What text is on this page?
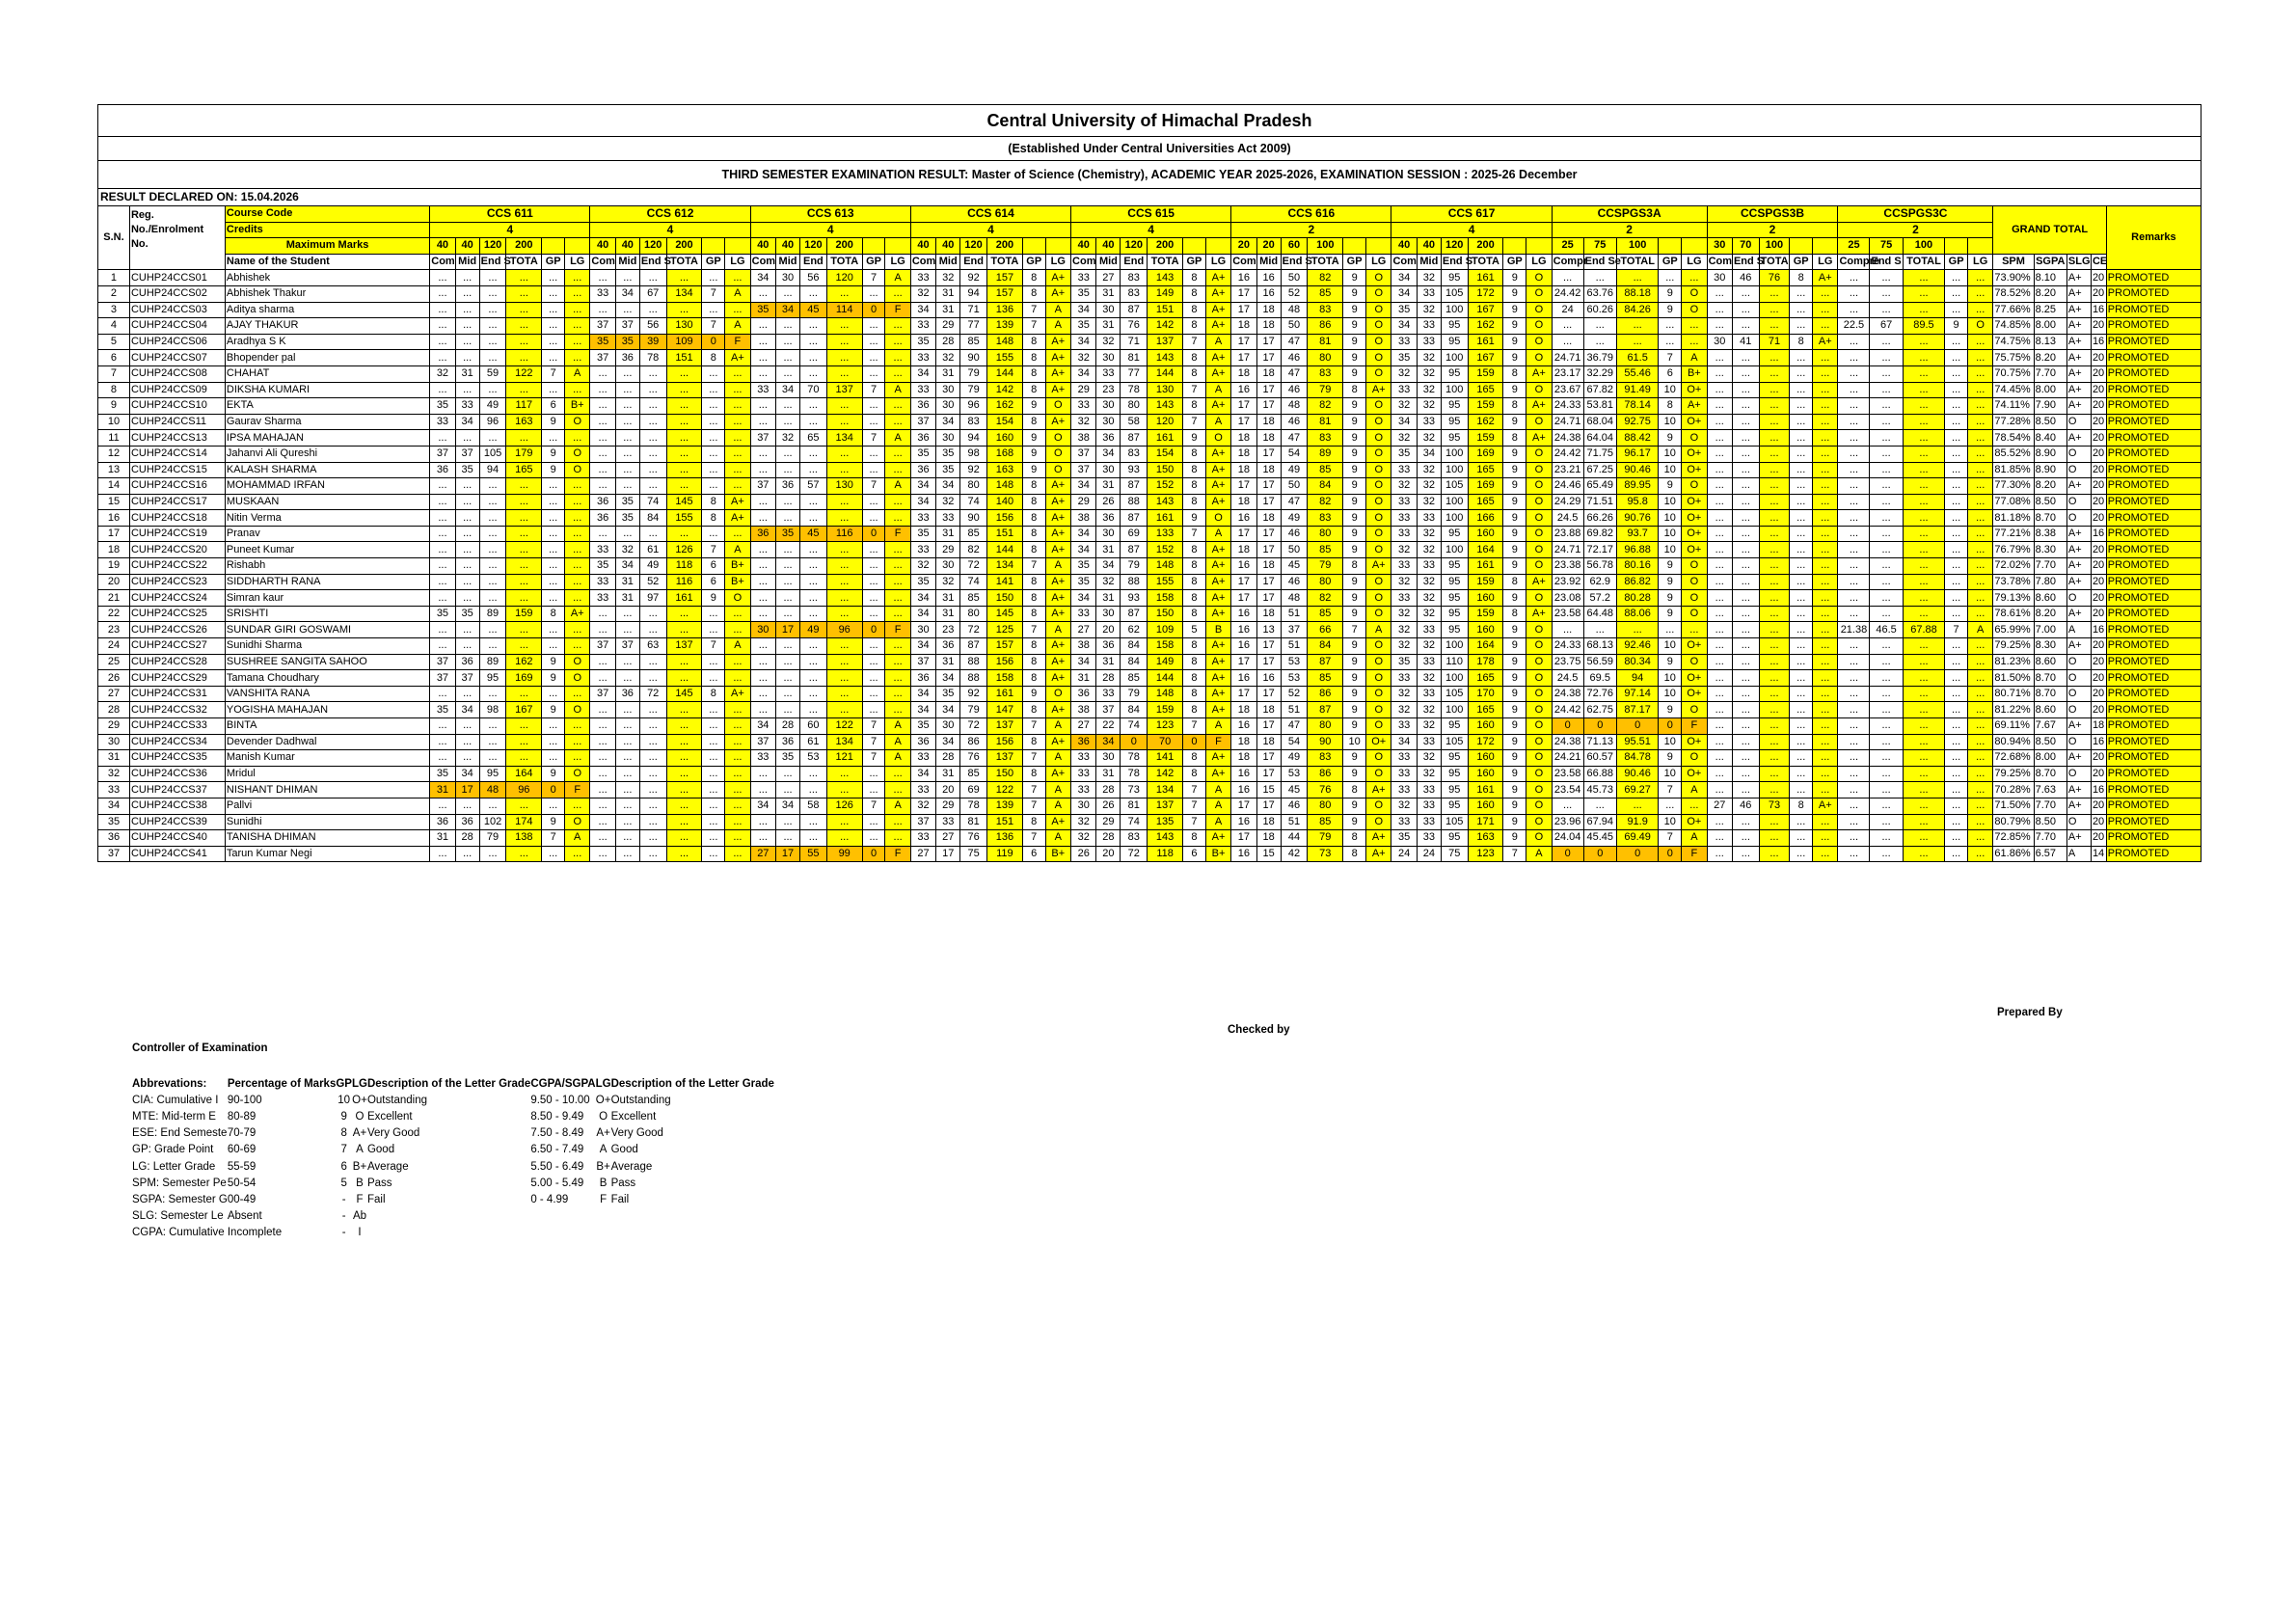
Central University of Himachal Pradesh
(Established Under Central Universities Act 2009)
THIRD SEMESTER EXAMINATION RESULT: Master of Science (Chemistry), ACADEMIC YEAR 2025-2026, EXAMINATION SESSION : 2025-26 December
RESULT DECLARED ON: 15.04.2026
S.N.	Reg. No./Enrolment No.	Course Code	CCS 611	CCS 612	CCS 613	CCS 614	CCS 615	CCS 616	CCS 617	CCSPGS3A	CCSPGS3B	CCSPGS3C	GRAND TOTAL	Remarks
Credits	4	4	4	4	4	2	4	2	2	2
Maximum Marks	40	40	120	200			40	40	120	200			40	40	120	200			40	40	120	200			40	40	120	200			20	20	60	100			40	40	120	200			25	75	100			30	70	100			25	75	100		
	Name of the Student	Com	Mid	End S	TOTA	GP	LG	Com	Mid	End S	TOTA	GP	LG	Com	Mid	End	TOTA	GP	LG	Com	Mid	End	TOTA	GP	LG	Com	Mid	End	TOTA	GP	LG	Com	Mid	End S	TOTA	GP	LG	Com	Mid	End S	TOTA	GP	LG	Compr	End Se	TOTAL	GP	LG	Com	End S	TOTA	GP	LG	Compre	End S	TOTAL	GP	LG	SPM	SGPA	SLG	CE
1	CUHP24CCS01	Abhishek	...	...	...	...	...	...	...	...	...	...	...	...	34	30	56	120	7	A	33	32	92	157	8	A+	33	27	83	143	8	A+	16	16	50	82	9	O	34	32	95	161	9	O	...	...	...	...	...	30	46	76	8	A+	...	...	...	...	...	73.90%	8.10	A+	20	PROMOTED
2	CUHP24CCS02	Abhishek Thakur	...	...	...	...	...	...	33	34	67	134	7	A	...	...	...	...	...	...	32	31	94	157	8	A+	35	31	83	149	8	A+	17	16	52	85	9	O	34	33	105	172	9	O	24.42	63.76	88.18	9	O	...	...	...	...	...	...	...	...	...	...	78.52%	8.20	A+	20	PROMOTED
3	CUHP24CCS03	Aditya sharma	...	...	...	...	...	...	...	...	...	...	...	...	35	34	45	114	0	F	34	31	71	136	7	A	34	30	87	151	8	A+	17	18	48	83	9	O	35	32	100	167	9	O	24	60.26	84.26	9	O	...	...	...	...	...	...	...	...	...	...	77.66%	8.25	A+	16	PROMOTED
4	CUHP24CCS04	AJAY THAKUR	...	...	...	...	...	...	37	37	56	130	7	A	...	...	...	...	...	...	33	29	77	139	7	A	35	31	76	142	8	A+	18	18	50	86	9	O	34	33	95	162	9	O	...	...	...	...	...	...	...	...	...	...	22.5	67	89.5	9	O	74.85%	8.00	A+	20	PROMOTED
5	CUHP24CCS06	Aradhya S K	...	...	...	...	...	...	35	35	39	109	0	F	...	...	...	...	...	...	35	28	85	148	8	A+	34	32	71	137	7	A	17	17	47	81	9	O	33	33	95	161	9	O	...	...	...	...	...	30	41	71	8	A+	...	...	...	...	...	74.75%	8.13	A+	16	PROMOTED
6	CUHP24CCS07	Bhopender pal	...	...	...	...	...	...	37	36	78	151	8	A+	...	...	...	...	...	...	33	32	90	155	8	A+	32	30	81	143	8	A+	17	17	46	80	9	O	35	32	100	167	9	O	24.71	36.79	61.5	7	A	...	...	...	...	...	...	...	...	...	...	75.75%	8.20	A+	20	PROMOTED
7	CUHP24CCS08	CHAHAT	32	31	59	122	7	A	...	...	...	...	...	...	...	...	...	...	...	...	34	31	79	144	8	A+	34	33	77	144	8	A+	18	18	47	83	9	O	32	32	95	159	8	A+	23.17	32.29	55.46	6	B+	...	...	...	...	...	...	...	...	...	...	70.75%	7.70	A+	20	PROMOTED
8	CUHP24CCS09	DIKSHA KUMARI	...	...	...	...	...	...	...	...	...	...	...	...	33	34	70	137	7	A	33	30	79	142	8	A+	29	23	78	130	7	A	16	17	46	79	8	A+	33	32	100	165	9	O	23.67	67.82	91.49	10	O+	...	...	...	...	...	...	...	...	...	...	74.45%	8.00	A+	20	PROMOTED
9	CUHP24CCS10	EKTA	35	33	49	117	6	B+	...	...	...	...	...	...	...	...	...	...	...	...	36	30	96	162	9	O	33	30	80	143	8	A+	17	17	48	82	9	O	32	32	95	159	8	A+	24.33	53.81	78.14	8	A+	...	...	...	...	...	...	...	...	...	...	74.11%	7.90	A+	20	PROMOTED
10	CUHP24CCS11	Gaurav Sharma	33	34	96	163	9	O	...	...	...	...	...	...	...	...	...	...	...	...	37	34	83	154	8	A+	32	30	58	120	7	A	17	18	46	81	9	O	34	33	95	162	9	O	24.71	68.04	92.75	10	O+	...	...	...	...	...	...	...	...	...	...	77.28%	8.50	O	20	PROMOTED
11	CUHP24CCS13	IPSA MAHAJAN	...	...	...	...	...	...	...	...	...	...	...	...	37	32	65	134	7	A	36	30	94	160	9	O	38	36	87	161	9	O	18	18	47	83	9	O	32	32	95	159	8	A+	24.38	64.04	88.42	9	O	...	...	...	...	...	...	...	...	...	...	78.54%	8.40	A+	20	PROMOTED
12	CUHP24CCS14	Jahanvi Ali Qureshi	37	37	105	179	9	O	...	...	...	...	...	...	...	...	...	...	...	...	35	35	98	168	9	O	37	34	83	154	8	A+	18	17	54	89	9	O	35	34	100	169	9	O	24.42	71.75	96.17	10	O+	...	...	...	...	...	...	...	...	...	...	85.52%	8.90	O	20	PROMOTED
13	CUHP24CCS15	KALASH SHARMA	36	35	94	165	9	O	...	...	...	...	...	...	...	...	...	...	...	...	36	35	92	163	9	O	37	30	93	150	8	A+	18	18	49	85	9	O	33	32	100	165	9	O	23.21	67.25	90.46	10	O+	...	...	...	...	...	...	...	...	...	...	81.85%	8.90	O	20	PROMOTED
14	CUHP24CCS16	MOHAMMAD IRFAN	...	...	...	...	...	...	...	...	...	...	...	...	37	36	57	130	7	A	34	34	80	148	8	A+	34	31	87	152	8	A+	17	17	50	84	9	O	32	32	105	169	9	O	24.46	65.49	89.95	9	O	...	...	...	...	...	...	...	...	...	...	77.30%	8.20	A+	20	PROMOTED
15	CUHP24CCS17	MUSKAAN	...	...	...	...	...	...	36	35	74	145	8	A+	...	...	...	...	...	...	34	32	74	140	8	A+	29	26	88	143	8	A+	18	17	47	82	9	O	33	32	100	165	9	O	24.29	71.51	95.8	10	O+	...	...	...	...	...	...	...	...	...	...	77.08%	8.50	O	20	PROMOTED
16	CUHP24CCS18	Nitin Verma	...	...	...	...	...	...	36	35	84	155	8	A+	...	...	...	...	...	...	33	33	90	156	8	A+	38	36	87	161	9	O	16	18	49	83	9	O	33	33	100	166	9	O	24.5	66.26	90.76	10	O+	...	...	...	...	...	...	...	...	...	...	81.18%	8.70	O	20	PROMOTED
17	CUHP24CCS19	Pranav	...	...	...	...	...	...	...	...	...	...	...	...	36	35	45	116	0	F	35	31	85	151	8	A+	34	30	69	133	7	A	17	17	46	80	9	O	33	32	95	160	9	O	23.88	69.82	93.7	10	O+	...	...	...	...	...	...	...	...	...	...	77.21%	8.38	A+	16	PROMOTED
18	CUHP24CCS20	Puneet Kumar	...	...	...	...	...	...	33	32	61	126	7	A	...	...	...	...	...	...	33	29	82	144	8	A+	34	31	87	152	8	A+	18	17	50	85	9	O	32	32	100	164	9	O	24.71	72.17	96.88	10	O+	...	...	...	...	...	...	...	...	...	...	76.79%	8.30	A+	20	PROMOTED
19	CUHP24CCS22	Rishabh	...	...	...	...	...	...	35	34	49	118	6	B+	...	...	...	...	...	...	32	30	72	134	7	A	35	34	79	148	8	A+	16	18	45	79	8	A+	33	33	95	161	9	O	23.38	56.78	80.16	9	O	...	...	...	...	...	...	...	...	...	...	72.02%	7.70	A+	20	PROMOTED
20	CUHP24CCS23	SIDDHARTH RANA	...	...	...	...	...	...	33	31	52	116	6	B+	...	...	...	...	...	...	35	32	74	141	8	A+	35	32	88	155	8	A+	17	17	46	80	9	O	32	32	95	159	8	A+	23.92	62.9	86.82	9	O	...	...	...	...	...	...	...	...	...	...	73.78%	7.80	A+	20	PROMOTED
21	CUHP24CCS24	Simran kaur	...	...	...	...	...	...	33	31	97	161	9	O	...	...	...	...	...	...	34	31	85	150	8	A+	34	31	93	158	8	A+	17	17	48	82	9	O	33	32	95	160	9	O	23.08	57.2	80.28	9	O	...	...	...	...	...	...	...	...	...	...	79.13%	8.60	O	20	PROMOTED
22	CUHP24CCS25	SRISHTI	35	35	89	159	8	A+	...	...	...	...	...	...	...	...	...	...	...	...	34	31	80	145	8	A+	33	30	87	150	8	A+	16	18	51	85	9	O	32	32	95	159	8	A+	23.58	64.48	88.06	9	O	...	...	...	...	...	...	...	...	...	...	78.61%	8.20	A+	20	PROMOTED
23	CUHP24CCS26	SUNDAR GIRI GOSWAMI	...	...	...	...	...	...	...	...	...	...	...	...	30	17	49	96	0	F	30	23	72	125	7	A	27	20	62	109	5	B	16	13	37	66	7	A	32	33	95	160	9	O	...	...	...	...	...	...	...	...	...	...	21.38	46.5	67.88	7	A	65.99%	7.00	A	16	PROMOTED
24	CUHP24CCS27	Sunidhi Sharma	...	...	...	...	...	...	37	37	63	137	7	A	...	...	...	...	...	...	34	36	87	157	8	A+	38	36	84	158	8	A+	16	17	51	84	9	O	32	32	100	164	9	O	24.33	68.13	92.46	10	O+	...	...	...	...	...	...	...	...	...	...	79.25%	8.30	A+	20	PROMOTED
25	CUHP24CCS28	SUSHREE SANGITA SAHOO	37	36	89	162	9	O	...	...	...	...	...	...	...	...	...	...	...	...	37	31	88	156	8	A+	34	31	84	149	8	A+	17	17	53	87	9	O	35	33	110	178	9	O	23.75	56.59	80.34	9	O	...	...	...	...	...	...	...	...	...	...	81.23%	8.60	O	20	PROMOTED
26	CUHP24CCS29	Tamana Choudhary	37	37	95	169	9	O	...	...	...	...	...	...	...	...	...	...	...	...	36	34	88	158	8	A+	31	28	85	144	8	A+	16	16	53	85	9	O	33	32	100	165	9	O	24.5	69.5	94	10	O+	...	...	...	...	...	...	...	...	...	...	81.50%	8.70	O	20	PROMOTED
27	CUHP24CCS31	VANSHITA RANA	...	...	...	...	...	...	37	36	72	145	8	A+	...	...	...	...	...	...	34	35	92	161	9	O	36	33	79	148	8	A+	17	17	52	86	9	O	32	33	105	170	9	O	24.38	72.76	97.14	10	O+	...	...	...	...	...	...	...	...	...	...	80.71%	8.70	O	20	PROMOTED
28	CUHP24CCS32	YOGISHA MAHAJAN	35	34	98	167	9	O	...	...	...	...	...	...	...	...	...	...	...	...	34	34	79	147	8	A+	38	37	84	159	8	A+	18	18	51	87	9	O	32	32	100	165	9	O	24.42	62.75	87.17	9	O	...	...	...	...	...	...	...	...	...	...	81.22%	8.60	O	20	PROMOTED
29	CUHP24CCS33	BINTA	...	...	...	...	...	...	...	...	...	...	...	...	34	28	60	122	7	A	35	30	72	137	7	A	27	22	74	123	7	A	16	17	47	80	9	O	33	32	95	160	9	O	0	0	0	0	F	...	...	...	...	...	...	...	...	...	...	69.11%	7.67	A+	18	PROMOTED
30	CUHP24CCS34	Devender Dadhwal	...	...	...	...	...	...	...	...	...	...	...	...	37	36	61	134	7	A	36	34	86	156	8	A+	36	34	0	70	0	F	18	18	54	90	10	O+	34	33	105	172	9	O	24.38	71.13	95.51	10	O+	...	...	...	...	...	...	...	...	...	...	80.94%	8.50	O	16	PROMOTED
31	CUHP24CCS35	Manish Kumar	...	...	...	...	...	...	...	...	...	...	...	...	33	35	53	121	7	A	33	28	76	137	7	A	33	30	78	141	8	A+	18	17	49	83	9	O	33	32	95	160	9	O	24.21	60.57	84.78	9	O	...	...	...	...	...	...	...	...	...	...	72.68%	8.00	A+	20	PROMOTED
32	CUHP24CCS36	Mridul	35	34	95	164	9	O	...	...	...	...	...	...	...	...	...	...	...	...	34	31	85	150	8	A+	33	31	78	142	8	A+	16	17	53	86	9	O	33	32	95	160	9	O	23.58	66.88	90.46	10	O+	...	...	...	...	...	...	...	...	...	...	79.25%	8.70	O	20	PROMOTED
33	CUHP24CCS37	NISHANT DHIMAN	31	17	48	96	0	F	...	...	...	...	...	...	...	...	...	...	...	...	33	20	69	122	7	A	33	28	73	134	7	A	16	15	45	76	8	A+	33	33	95	161	9	O	23.54	45.73	69.27	7	A	...	...	...	...	...	...	...	...	...	...	70.28%	7.63	A+	16	PROMOTED
34	CUHP24CCS38	Pallvi	...	...	...	...	...	...	...	...	...	...	...	...	34	34	58	126	7	A	32	29	78	139	7	A	30	26	81	137	7	A	17	17	46	80	9	O	32	33	95	160	9	O	...	...	...	...	...	27	46	73	8	A+	...	...	...	...	...	71.50%	7.70	A+	20	PROMOTED
35	CUHP24CCS39	Sunidhi	36	36	102	174	9	O	...	...	...	...	...	...	...	...	...	...	...	...	37	33	81	151	8	A+	32	29	74	135	7	A	16	18	51	85	9	O	33	33	105	171	9	O	23.96	67.94	91.9	10	O+	...	...	...	...	...	...	...	...	...	...	80.79%	8.50	O	20	PROMOTED
36	CUHP24CCS40	TANISHA DHIMAN	31	28	79	138	7	A	...	...	...	...	...	...	...	...	...	...	...	...	33	27	76	136	7	A	32	28	83	143	8	A+	17	18	44	79	8	A+	35	33	95	163	9	O	24.04	45.45	69.49	7	A	...	...	...	...	...	...	...	...	...	...	72.85%	7.70	A+	20	PROMOTED
37	CUHP24CCS41	Tarun Kumar Negi	...	...	...	...	...	...	...	...	...	...	...	...	27	17	55	99	0	F	27	17	75	119	6	B+	26	20	72	118	6	B+	16	15	42	73	8	A+	24	24	75	123	7	A	0	0	0	0	F	...	...	...	...	...	...	...	...	...	...	61.86%	6.57	A	14	PROMOTED
Prepared By
Checked by
Controller of Examination
Abbrevations:	Percentage of Marks	GP	LG	Description of the Letter Grade	CGPA/SGPA	LG	Description of the Letter Grade
CIA: Cumulative I	90-100	10	O+	Outstanding	9.50 - 10.00	O+	Outstanding
MTE: Mid-term E	80-89	9	O	Excellent	8.50 - 9.49	O	Excellent
ESE: End Semeste	70-79	8	A+	Very Good	7.50 - 8.49	A+	Very Good
GP: Grade Point	60-69	7	A	Good	6.50 - 7.49	A	Good
LG: Letter Grade	55-59	6	B+	Average	5.50 - 6.49	B+	Average
SPM: Semester Pe	50-54	5	B	Pass	5.00 - 5.49	B	Pass
SGPA: Semester G	00-49	-	F	Fail	0 - 4.99	F	Fail
SLG: Semester Le	Absent	-	Ab				
CGPA: Cumulative	Incomplete	-	I				
